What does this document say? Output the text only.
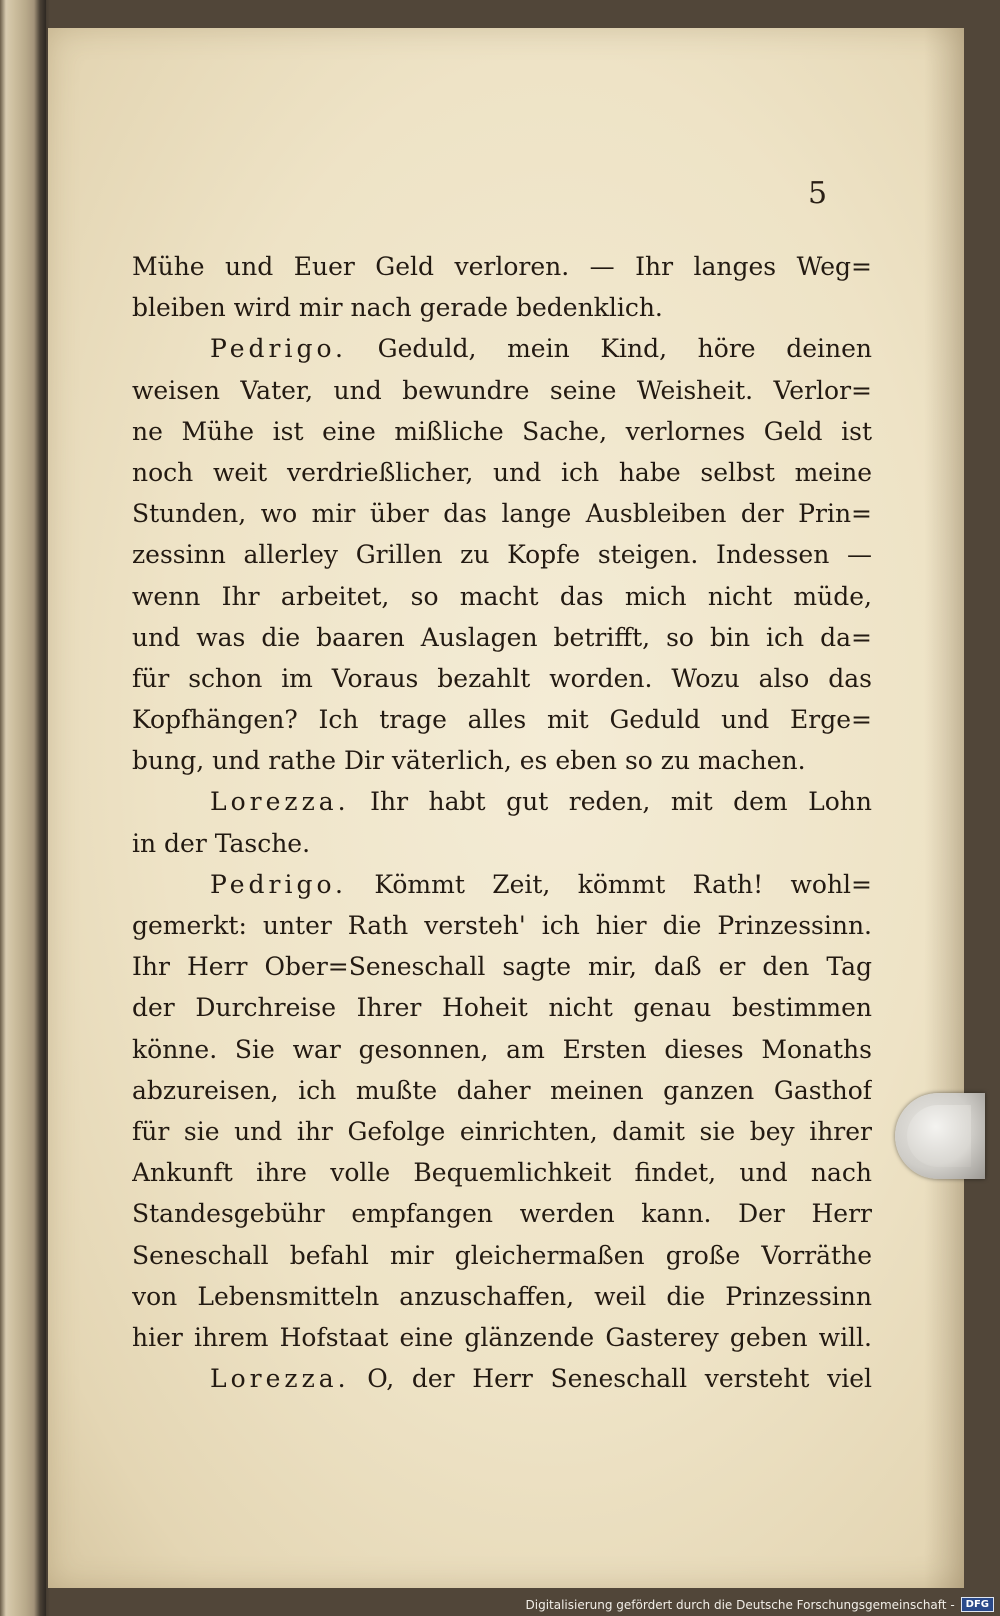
5
Mühe und Euer Geld verloren. — Ihr langes Weg=
bleiben wird mir nach gerade bedenklich.
Pedrigo. Geduld, mein Kind, höre deinen
weisen Vater, und bewundre seine Weisheit. Verlor=
ne Mühe ist eine mißliche Sache, verlornes Geld ist
noch weit verdrießlicher, und ich habe selbst meine
Stunden, wo mir über das lange Ausbleiben der Prin=
zessinn allerley Grillen zu Kopfe steigen. Indessen —
wenn Ihr arbeitet, so macht das mich nicht müde,
und was die baaren Auslagen betrifft, so bin ich da=
für schon im Voraus bezahlt worden. Wozu also das
Kopfhängen? Ich trage alles mit Geduld und Erge=
bung, und rathe Dir väterlich, es eben so zu machen.
Lorezza. Ihr habt gut reden, mit dem Lohn
in der Tasche.
Pedrigo. Kömmt Zeit, kömmt Rath! wohl=
gemerkt: unter Rath versteh' ich hier die Prinzessinn.
Ihr Herr Ober=Seneschall sagte mir, daß er den Tag
der Durchreise Ihrer Hoheit nicht genau bestimmen
könne. Sie war gesonnen, am Ersten dieses Monaths
abzureisen, ich mußte daher meinen ganzen Gasthof
für sie und ihr Gefolge einrichten, damit sie bey ihrer
Ankunft ihre volle Bequemlichkeit findet, und nach
Standesgebühr empfangen werden kann. Der Herr
Seneschall befahl mir gleichermaßen große Vorräthe
von Lebensmitteln anzuschaffen, weil die Prinzessinn
hier ihrem Hofstaat eine glänzende Gasterey geben will.
Lorezza. O, der Herr Seneschall versteht viel
Digitalisierung gefördert durch die Deutsche Forschungsgemeinschaft -	DFG
